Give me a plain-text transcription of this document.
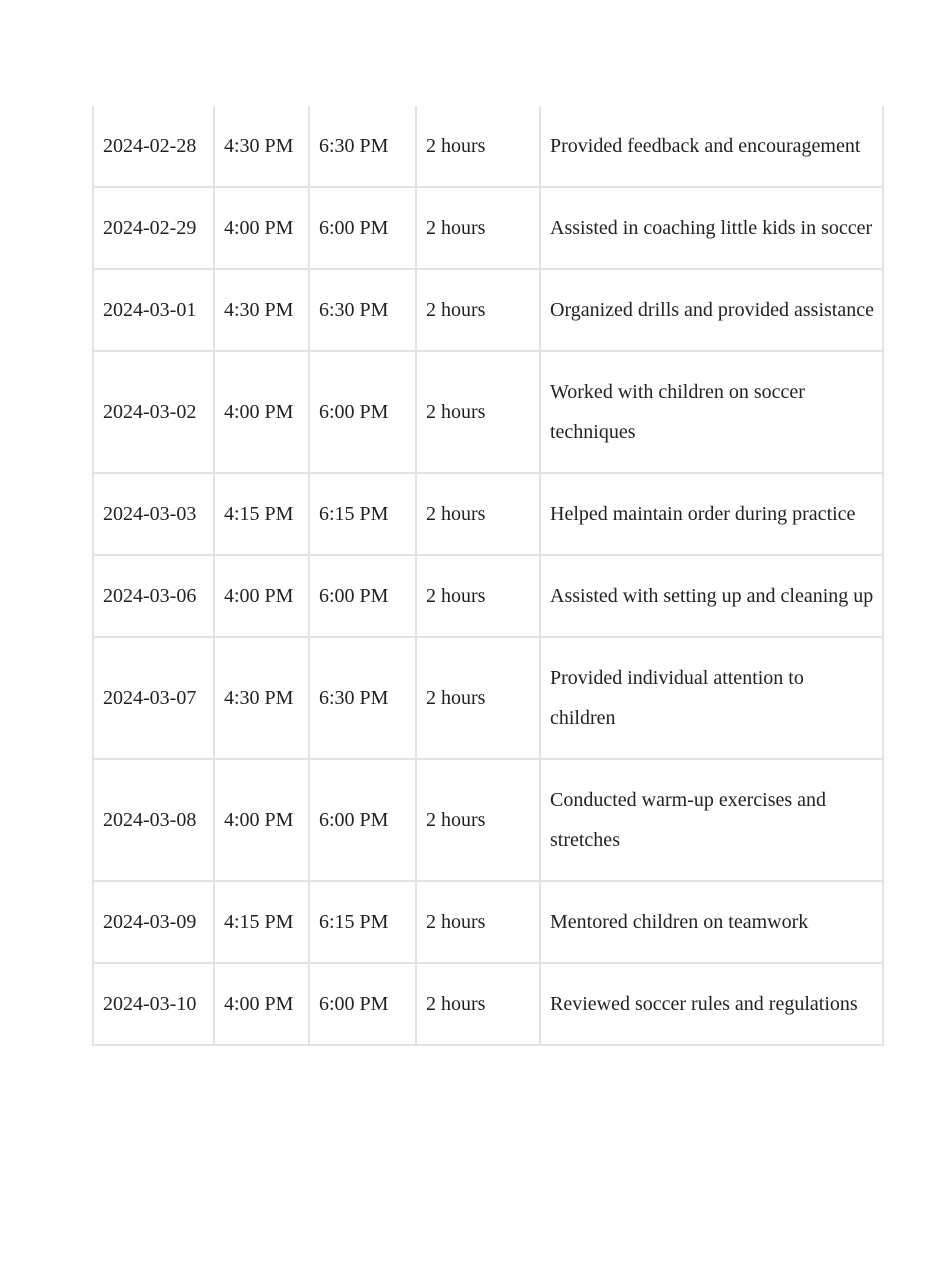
2024-02-28	4:30 PM	6:30 PM	2 hours	Provided feedback and encouragement
2024-02-29	4:00 PM	6:00 PM	2 hours	Assisted in coaching little kids in soccer
2024-03-01	4:30 PM	6:30 PM	2 hours	Organized drills and provided assistance
2024-03-02	4:00 PM	6:00 PM	2 hours	Worked with children on soccer techniques
2024-03-03	4:15 PM	6:15 PM	2 hours	Helped maintain order during practice
2024-03-06	4:00 PM	6:00 PM	2 hours	Assisted with setting up and cleaning up
2024-03-07	4:30 PM	6:30 PM	2 hours	Provided individual attention to children
2024-03-08	4:00 PM	6:00 PM	2 hours	Conducted warm-up exercises and stretches
2024-03-09	4:15 PM	6:15 PM	2 hours	Mentored children on teamwork
2024-03-10	4:00 PM	6:00 PM	2 hours	Reviewed soccer rules and regulations
